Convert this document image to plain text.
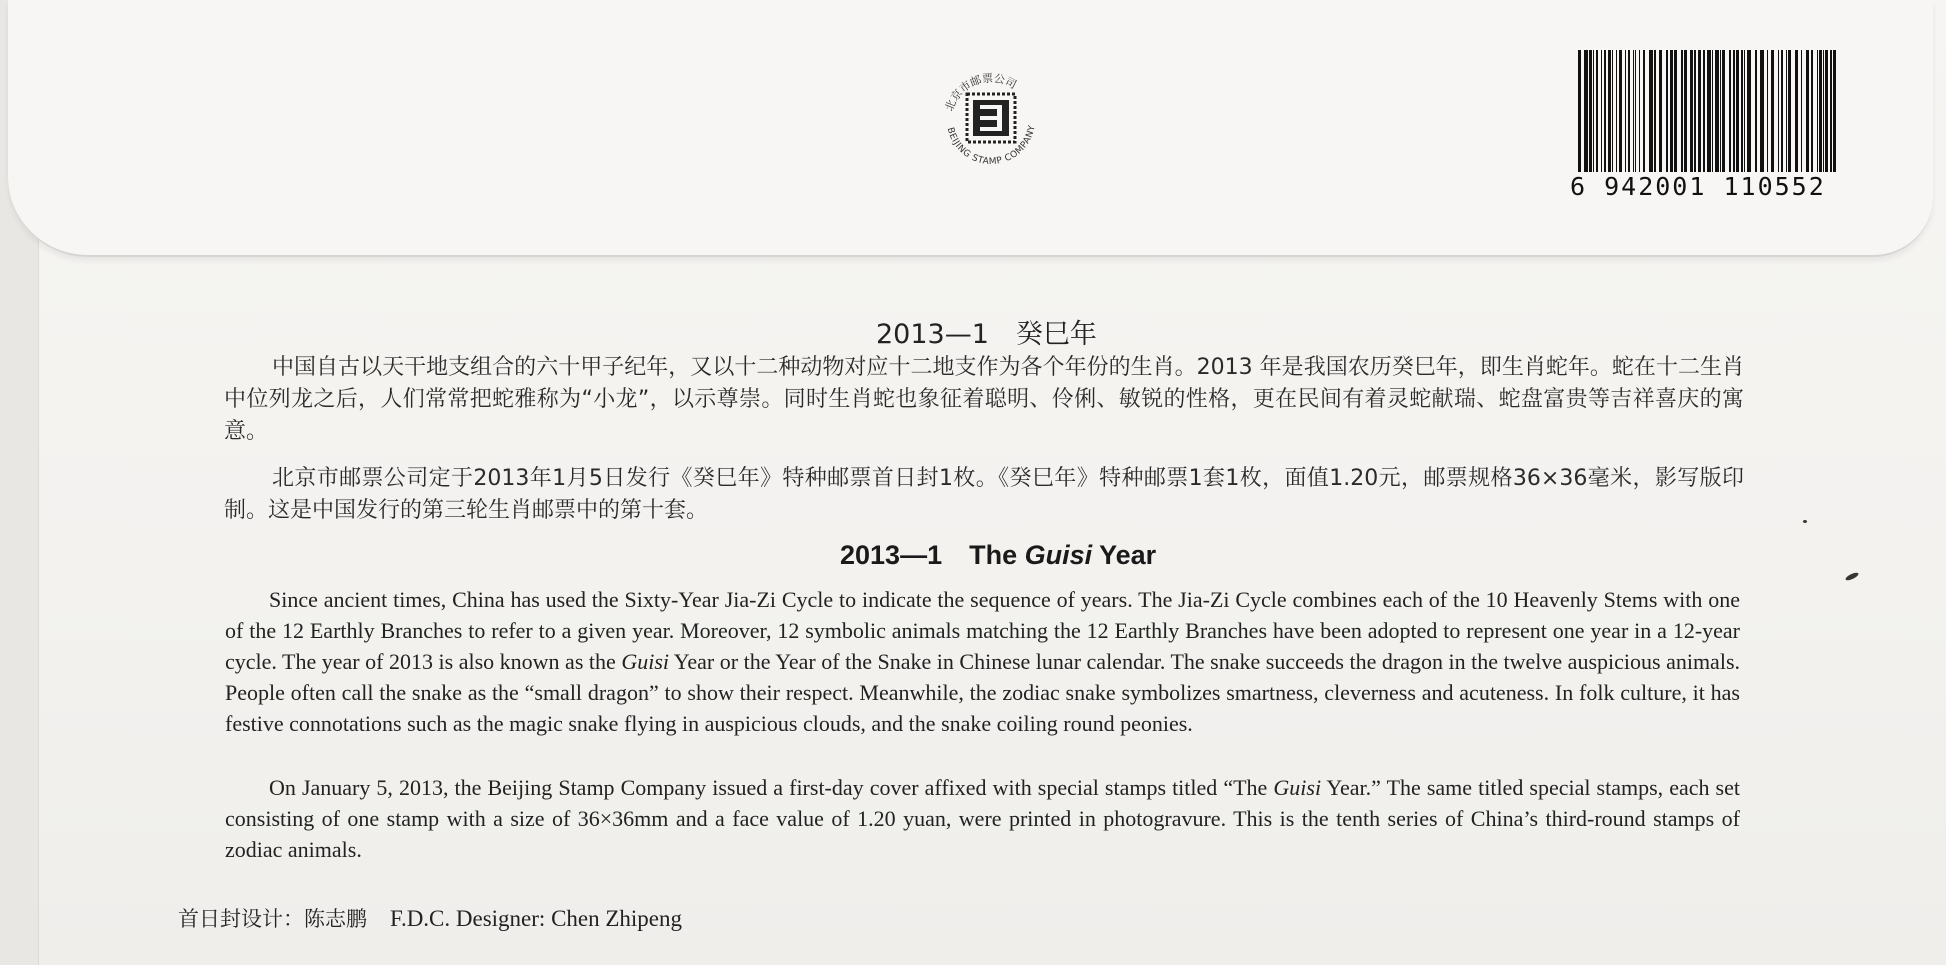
北京市邮票公司
BEIJING STAMP COMPANY
6 942001 110552
2013—1　癸巳年

中国自古以天干地支组合的六十甲子纪年，又以十二种动物对应十二地支作为各个年份的生肖。2013 年是我国农历癸巳年，即生肖蛇年。蛇在十二生肖中位列龙之后，人们常常把蛇雅称为“小龙”，以示尊崇。同时生肖蛇也象征着聪明、伶俐、敏锐的性格，更在民间有着灵蛇献瑞、蛇盘富贵等吉祥喜庆的寓意。

北京市邮票公司定于2013年1月5日发行《癸巳年》特种邮票首日封1枚。《癸巳年》特种邮票1套1枚，面值1.20元，邮票规格36×36毫米，影写版印制。这是中国发行的第三轮生肖邮票中的第十套。

2013—1 The Guisi Year

Since ancient times, China has used the Sixty-Year Jia-Zi Cycle to indicate the sequence of years. The Jia-Zi Cycle combines each of the 10 Heavenly Stems with one of the 12 Earthly Branches to refer to a given year. Moreover, 12 symbolic animals matching the 12 Earthly Branches have been adopted to represent one year in a 12-year cycle. The year of 2013 is also known as the Guisi Year or the Year of the Snake in Chinese lunar calendar. The snake succeeds the dragon in the twelve auspicious animals. People often call the snake as the “small dragon” to show their respect. Meanwhile, the zodiac snake symbolizes smartness, cleverness and acuteness. In folk culture, it has festive connotations such as the magic snake flying in auspicious clouds, and the snake coiling round peonies.

On January 5, 2013, the Beijing Stamp Company issued a first-day cover affixed with special stamps titled “The Guisi Year.” The same titled special stamps, each set consisting of one stamp with a size of 36×36mm and a face value of 1.20 yuan, were printed in photogravure. This is the tenth series of China’s third-round stamps of zodiac animals.

首日封设计：陈志鹏  F.D.C. Designer: Chen Zhipeng
